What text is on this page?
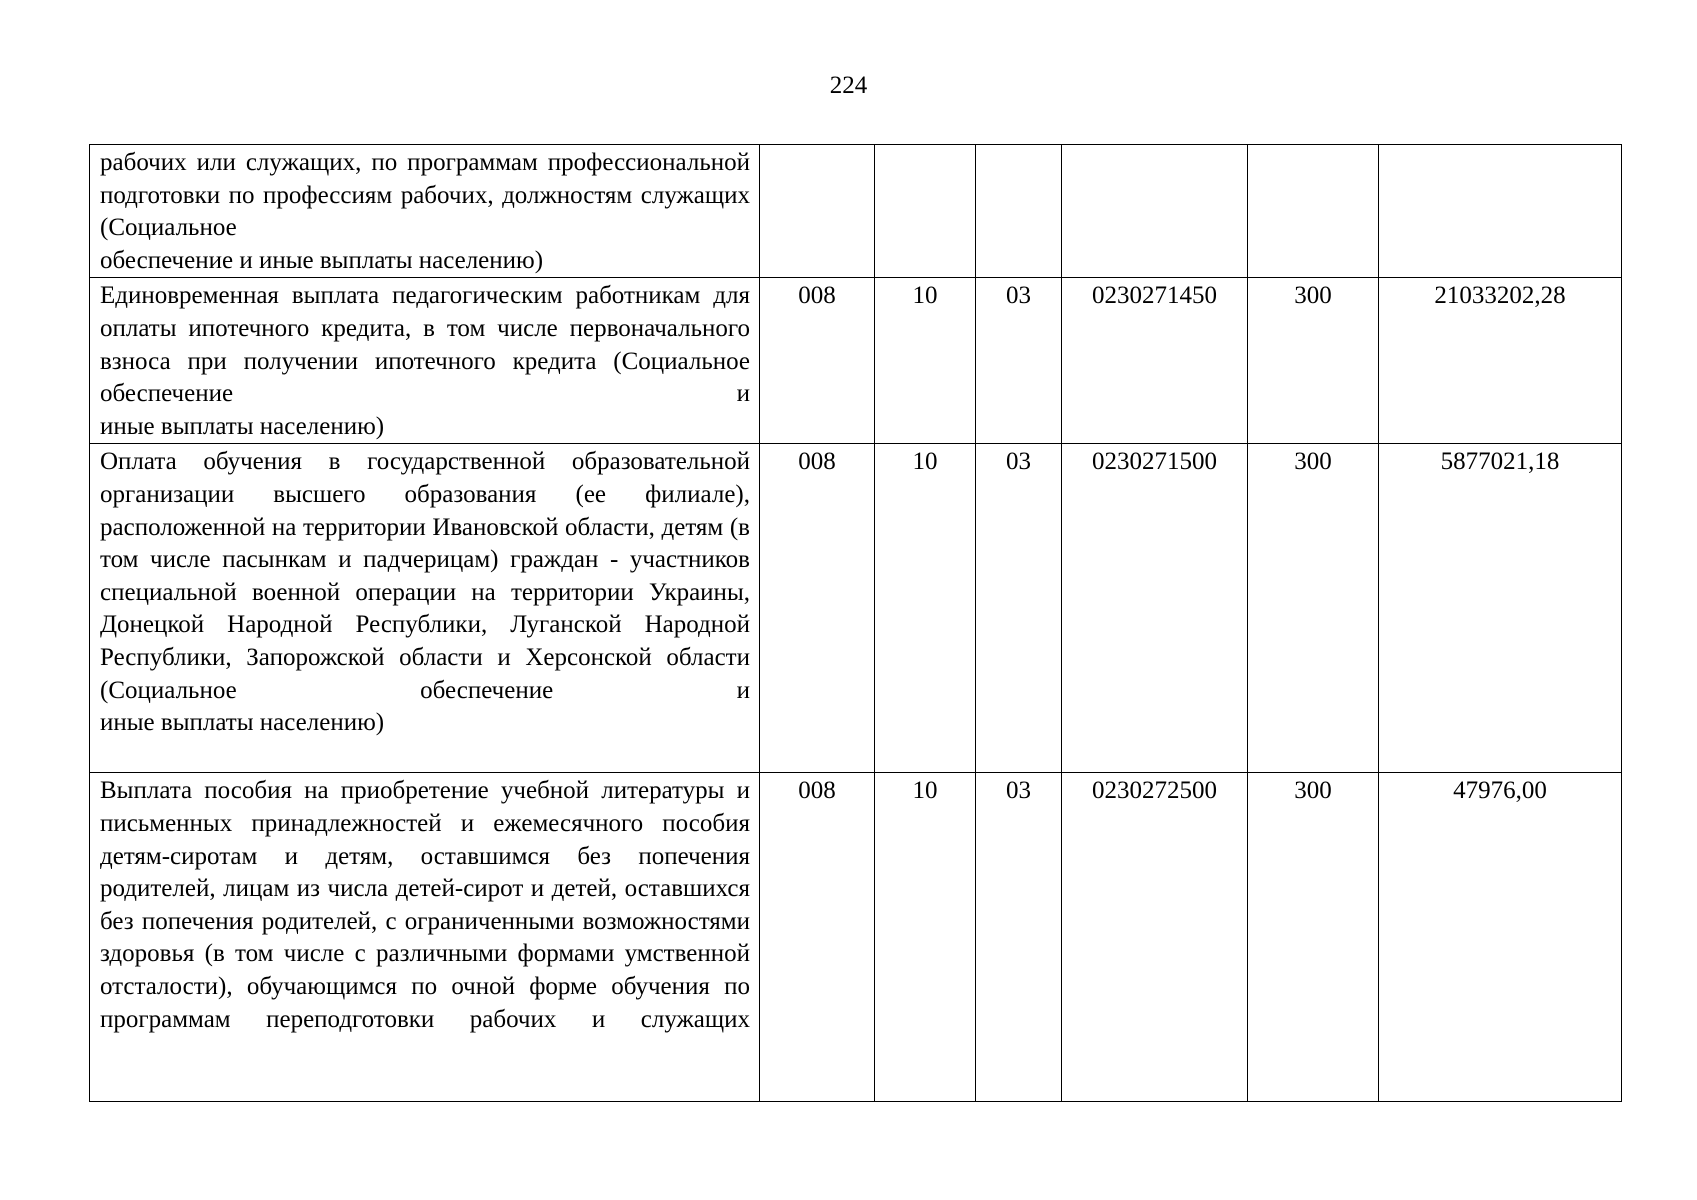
224
рабочих или служащих, по программам профессиональной подготовки по профессиям рабочих, должностям служащих (Социальное
обеспечение и иные выплаты населению)						

Единовременная выплата педагогическим работникам для оплаты ипотечного кредита, в том числе первоначального взноса при получении ипотечного кредита (Социальное обеспечение и
иные выплаты населению)	008	10	03	0230271450	300	21033202,28
Оплата обучения в государственной образовательной организации высшего образования (ее филиале), расположенной на территории Ивановской области, детям (в том числе пасынкам и падчерицам) граждан - участников специальной военной операции на территории Украины, Донецкой Народной Республики, Луганской Народной Республики, Запорожской области и Херсонской области (Социальное обеспечение и
иные выплаты населению)	008	10	03	0230271500	300	5877021,18
Выплата пособия на приобретение учебной литературы и письменных принадлежностей и ежемесячного пособия детям-сиротам и детям, оставшимся без попечения родителей, лицам из числа детей-сирот и детей, оставшихся без попечения родителей, с ограниченными возможностями здоровья (в том числе с различными формами умственной отсталости), обучающимся по очной форме обучения по программам переподготовки рабочих и служащих	008	10	03	0230272500	300	47976,00
